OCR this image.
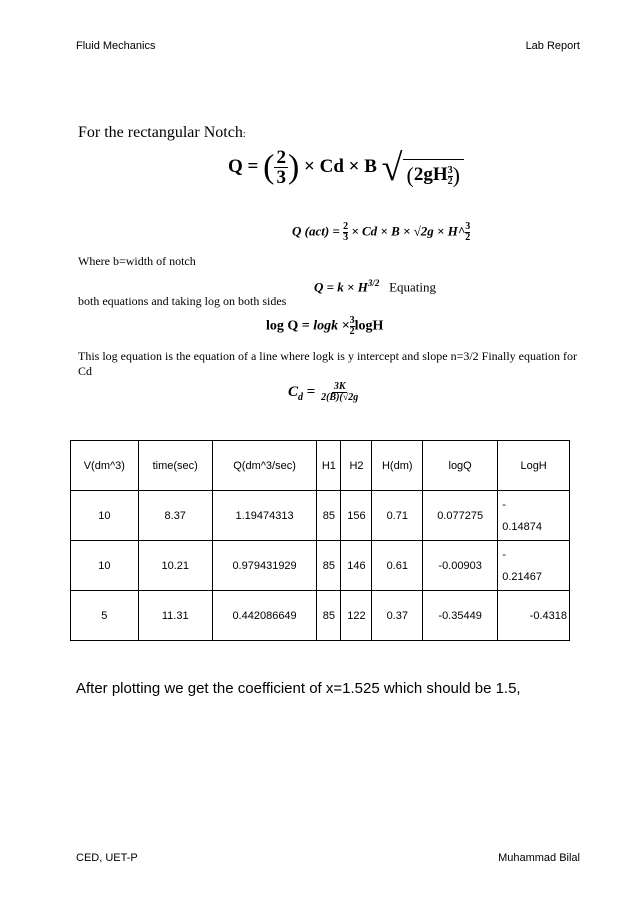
Fluid Mechanics	Lab Report
For the rectangular Notch:
Q = ( $\frac{2}{3}$ ) × Cd × B √ ($2gH \frac{3}{2}$ )
Q $(act) = \frac{2}{3} \times Cd \times B \times √2g$ × H^ $\frac{3}{2}$
Where b=width of notch
$Q = k \times H^{3/2}$ Equating
both equations and taking log on both sides
$\log Q = \log k \times \frac{3}{2}$ logH
This log equation is the equation of a line where logk is y intercept and slope n=3/2 Finally equation for Cd
$C_d = \frac{3K}{2(B)(√2g}$
V(dm^3)	time(sec)	Q(dm^3/sec)	H1	H2	H(dm)	logQ	LogH
10	8.37	1.19474313	85	156	0.71	0.077275	-
0.14874
10	10.21	0.979431929	85	146	0.61	-0.00903	-
0.21467
5	11.31	0.442086649	85	122	0.37	-0.35449	-0.4318
After plotting we get the coefficient of x=1.525 which should be 1.5,
CED, UET-P	Muhammad Bilal
